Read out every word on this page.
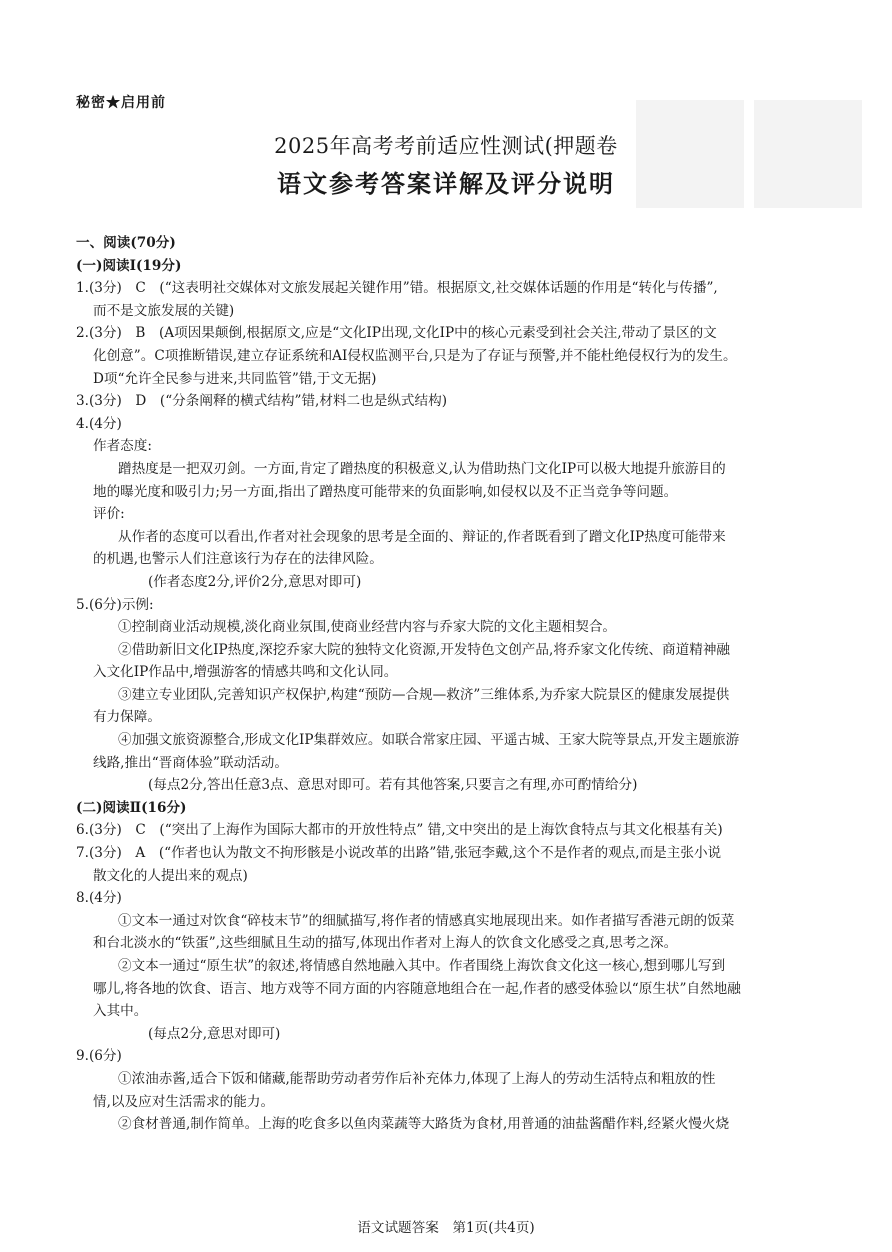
秘密★启用前
2025年高考考前适应性测试(押题卷
语文参考答案详解及评分说明
一、阅读(70分)
(一)阅读Ⅰ(19分)
1.(3分)　C　(“这表明社交媒体对文旅发展起关键作用”错。根据原文,社交媒体话题的作用是“转化与传播”,
而不是文旅发展的关键)
2.(3分)　B　(A项因果颠倒,根据原文,应是“文化IP出现,文化IP中的核心元素受到社会关注,带动了景区的文
化创意”。C项推断错误,建立存证系统和AI侵权监测平台,只是为了存证与预警,并不能杜绝侵权行为的发生。
D项“允许全民参与进来,共同监管”错,于文无据)
3.(3分)　D　(“分条阐释的横式结构”错,材料二也是纵式结构)
4.(4分)
作者态度:
蹭热度是一把双刃剑。一方面,肯定了蹭热度的积极意义,认为借助热门文化IP可以极大地提升旅游目的
地的曝光度和吸引力;另一方面,指出了蹭热度可能带来的负面影响,如侵权以及不正当竞争等问题。
评价:
从作者的态度可以看出,作者对社会现象的思考是全面的、辩证的,作者既看到了蹭文化IP热度可能带来
的机遇,也警示人们注意该行为存在的法律风险。
(作者态度2分,评价2分,意思对即可)
5.(6分)示例:
①控制商业活动规模,淡化商业氛围,使商业经营内容与乔家大院的文化主题相契合。
②借助新旧文化IP热度,深挖乔家大院的独特文化资源,开发特色文创产品,将乔家文化传统、商道精神融
入文化IP作品中,增强游客的情感共鸣和文化认同。
③建立专业团队,完善知识产权保护,构建“预防—合规—救济”三维体系,为乔家大院景区的健康发展提供
有力保障。
④加强文旅资源整合,形成文化IP集群效应。如联合常家庄园、平遥古城、王家大院等景点,开发主题旅游
线路,推出“晋商体验”联动活动。
(每点2分,答出任意3点、意思对即可。若有其他答案,只要言之有理,亦可酌情给分)
(二)阅读Ⅱ(16分)
6.(3分)　C　(“突出了上海作为国际大都市的开放性特点” 错,文中突出的是上海饮食特点与其文化根基有关)
7.(3分)　A　(“作者也认为散文不拘形骸是小说改革的出路”错,张冠李戴,这个不是作者的观点,而是主张小说
散文化的人提出来的观点)
8.(4分)
①文本一通过对饮食“碎枝末节”的细腻描写,将作者的情感真实地展现出来。如作者描写香港元朗的饭菜
和台北淡水的“铁蛋”,这些细腻且生动的描写,体现出作者对上海人的饮食文化感受之真,思考之深。
②文本一通过“原生状”的叙述,将情感自然地融入其中。作者围绕上海饮食文化这一核心,想到哪儿写到
哪儿,将各地的饮食、语言、地方戏等不同方面的内容随意地组合在一起,作者的感受体验以“原生状”自然地融
入其中。
(每点2分,意思对即可)
9.(6分)
①浓油赤酱,适合下饭和储藏,能帮助劳动者劳作后补充体力,体现了上海人的劳动生活特点和粗放的性
情,以及应对生活需求的能力。
②食材普通,制作简单。上海的吃食多以鱼肉菜蔬等大路货为食材,用普通的油盐酱醋作料,经紧火慢火烧
语文试题答案　第1页(共4页)
